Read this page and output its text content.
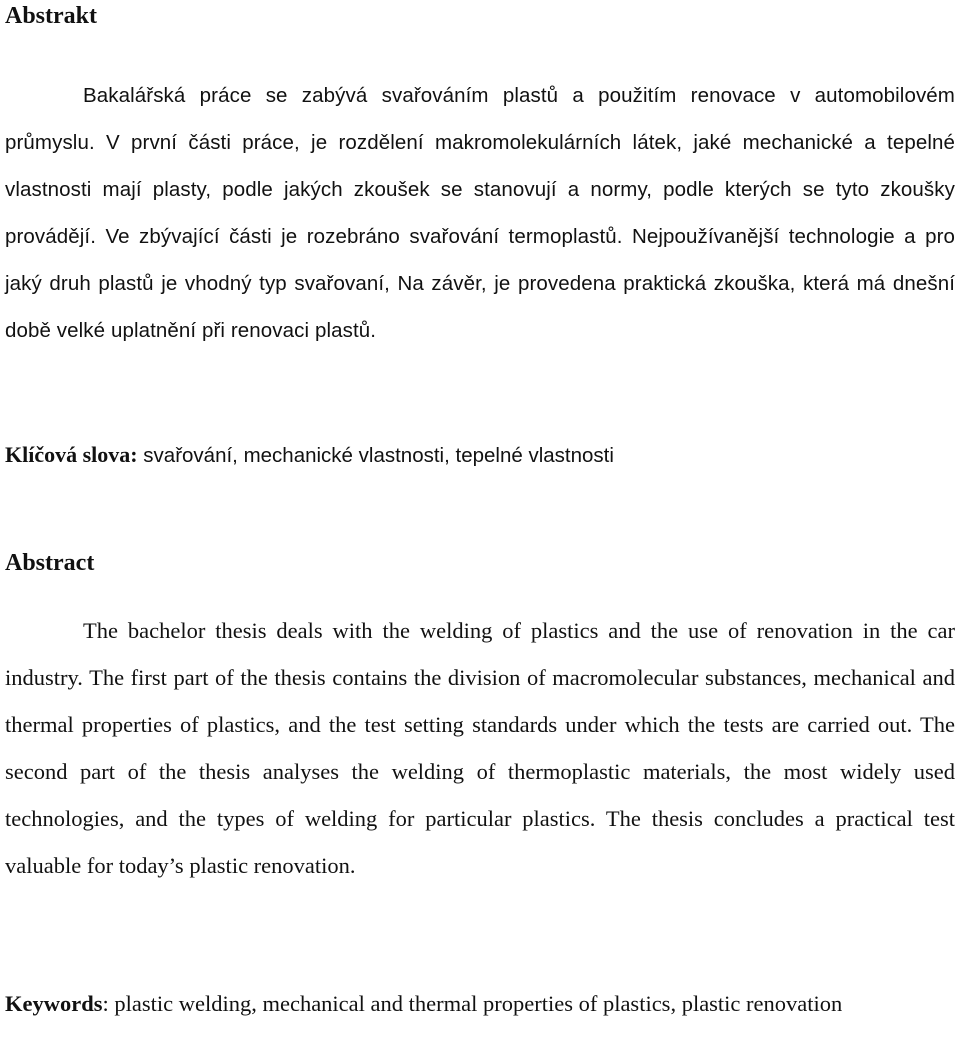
Abstrakt

Bakalářská práce se zabývá svařováním plastů a použitím renovace v automobilovém průmyslu. V první části práce, je rozdělení makromolekulárních látek, jaké mechanické a tepelné vlastnosti mají plasty, podle jakých zkoušek se stanovují a normy, podle kterých se tyto zkoušky provádějí. Ve zbývající části je rozebráno svařování termoplastů. Nejpoužívanější technologie a pro jaký druh plastů je vhodný typ svařovaní, Na závěr, je provedena praktická zkouška, která má dnešní době velké uplatnění při renovaci plastů.

Klíčová slova: svařování, mechanické vlastnosti, tepelné vlastnosti

Abstract

The bachelor thesis deals with the welding of plastics and the use of renovation in the car industry. The first part of the thesis contains the division of macromolecular substances, mechanical and thermal properties of plastics, and the test setting standards under which the tests are carried out. The second part of the thesis analyses the welding of thermoplastic materials, the most widely used technologies, and the types of welding for particular plastics. The thesis concludes a practical test valuable for today’s plastic renovation.

Keywords: plastic welding, mechanical and thermal properties of plastics, plastic renovation
